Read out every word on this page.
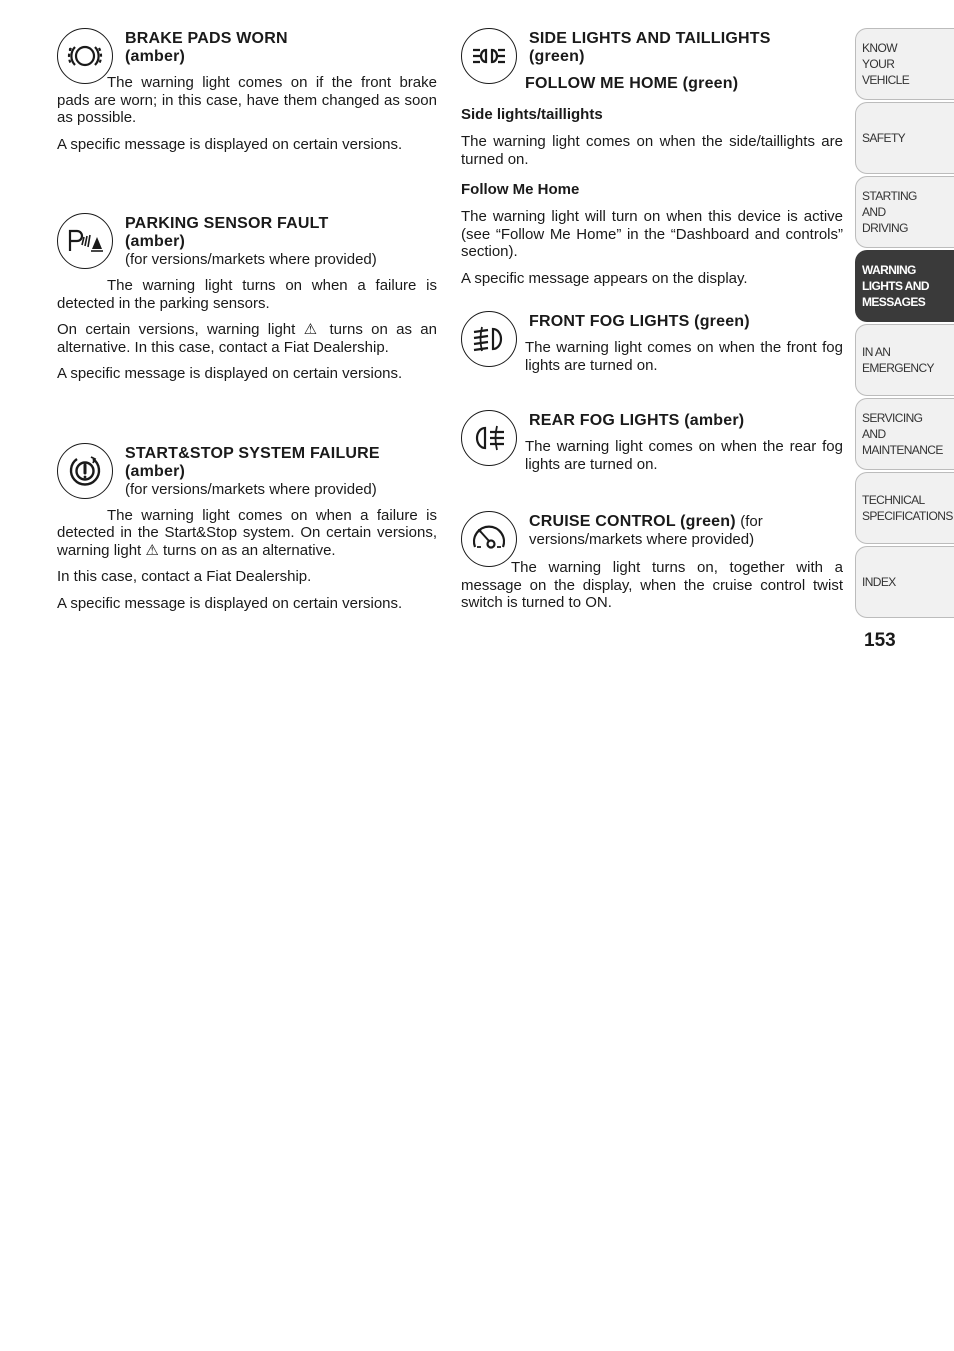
BRAKE PADS WORN
(amber)

The warning light comes on if the front brake pads are worn; in this case, have them changed as soon as possible.

A specific message is displayed on certain versions.

PARKING SENSOR FAULT
(amber)
(for versions/markets where provided)

The warning light turns on when a failure is detected in the parking sensors.

On certain versions, warning light ⚠ turns on as an alternative. In this case, contact a Fiat Dealership.

A specific message is displayed on certain versions.

START&STOP SYSTEM FAILURE
(amber)
(for versions/markets where provided)

The warning light comes on when a failure is detected in the Start&Stop system. On certain versions, warning light ⚠ turns on as an alternative.

In this case, contact a Fiat Dealership.

A specific message is displayed on certain versions.

SIDE LIGHTS AND TAILLIGHTS
(green)
FOLLOW ME HOME (green)
Side lights/taillights

The warning light comes on when the side/taillights are turned on.

Follow Me Home

The warning light will turn on when this device is active (see “Follow Me Home” in the “Dashboard and controls” section).

A specific message appears on the display.

FRONT FOG LIGHTS (green)

The warning light comes on when the front fog lights are turned on.

REAR FOG LIGHTS (amber)

The warning light comes on when the rear fog lights are turned on.

CRUISE CONTROL (green) (for versions/markets where provided)

The warning light turns on, together with a message on the display, when the cruise control twist switch is turned to ON.

KNOW
YOUR
VEHICLE
SAFETY
STARTING
AND
DRIVING
WARNING
LIGHTS AND
MESSAGES
IN AN
EMERGENCY
SERVICING
AND
MAINTENANCE
TECHNICAL
SPECIFICATIONS
INDEX
153
